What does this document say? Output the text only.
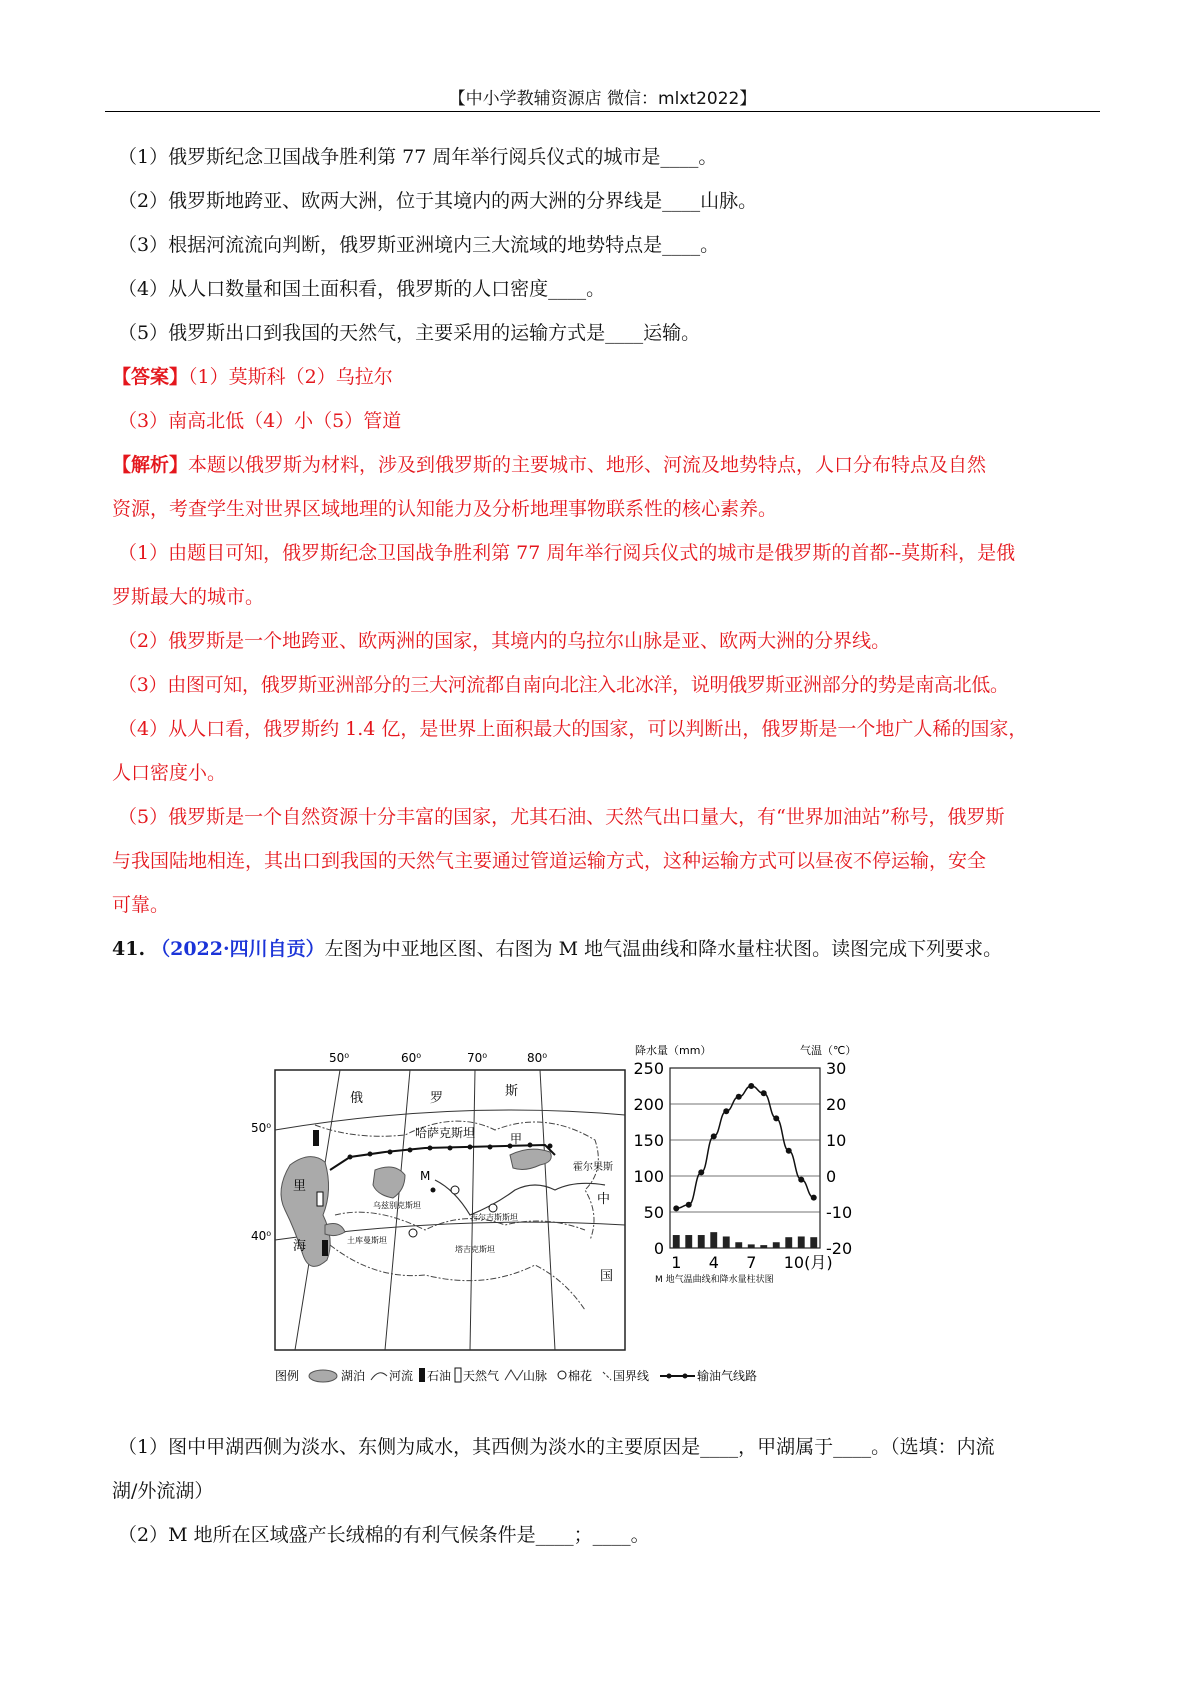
【中小学教辅资源店 微信：mlxt2022】
（1）俄罗斯纪念卫国战争胜利第 77 周年举行阅兵仪式的城市是____。
（2）俄罗斯地跨亚、欧两大洲，位于其境内的两大洲的分界线是____山脉。
（3）根据河流流向判断，俄罗斯亚洲境内三大流域的地势特点是____。
（4）从人口数量和国土面积看，俄罗斯的人口密度____。
（5）俄罗斯出口到我国的天然气，主要采用的运输方式是____运输。
【答案】（1）莫斯科（2）乌拉尔
（3）南高北低（4）小（5）管道
【解析】本题以俄罗斯为材料，涉及到俄罗斯的主要城市、地形、河流及地势特点，人口分布特点及自然
资源，考查学生对世界区域地理的认知能力及分析地理事物联系性的核心素养。
（1）由题目可知，俄罗斯纪念卫国战争胜利第 77 周年举行阅兵仪式的城市是俄罗斯的首都--莫斯科，是俄
罗斯最大的城市。
（2）俄罗斯是一个地跨亚、欧两洲的国家，其境内的乌拉尔山脉是亚、欧两大洲的分界线。
（3）由图可知，俄罗斯亚洲部分的三大河流都自南向北注入北冰洋，说明俄罗斯亚洲部分的势是南高北低。
（4）从人口看，俄罗斯约 1.4 亿，是世界上面积最大的国家，可以判断出，俄罗斯是一个地广人稀的国家，
人口密度小。
（5）俄罗斯是一个自然资源十分丰富的国家，尤其石油、天然气出口量大，有“世界加油站”称号，俄罗斯
与我国陆地相连，其出口到我国的天然气主要通过管道运输方式，这种运输方式可以昼夜不停运输，安全
可靠。
41. （2022·四川自贡）左图为中亚地区图、右图为 M 地气温曲线和降水量柱状图。读图完成下列要求。
50⁰	60⁰	70⁰	80⁰
50⁰
40⁰
俄	罗	斯
哈萨克斯坦	甲
霍尔果斯
中
国
里
海
M
乌兹别克斯坦
吉尔吉斯斯坦
土库曼斯坦
塔吉克斯坦
图例	湖泊 河流 石油 天然气 山脉 棉花 国界线	输油气线路
降水量（mm）	气温（℃）
250
200
150
100
50
0
30
20
10
0
-10
-20
1 4 7 10(月)
M 地气温曲线和降水量柱状图
（1）图中甲湖西侧为淡水、东侧为咸水，其西侧为淡水的主要原因是____，甲湖属于____。（选填：内流
湖/外流湖）
（2）M 地所在区域盛产长绒棉的有利气候条件是____；____。
